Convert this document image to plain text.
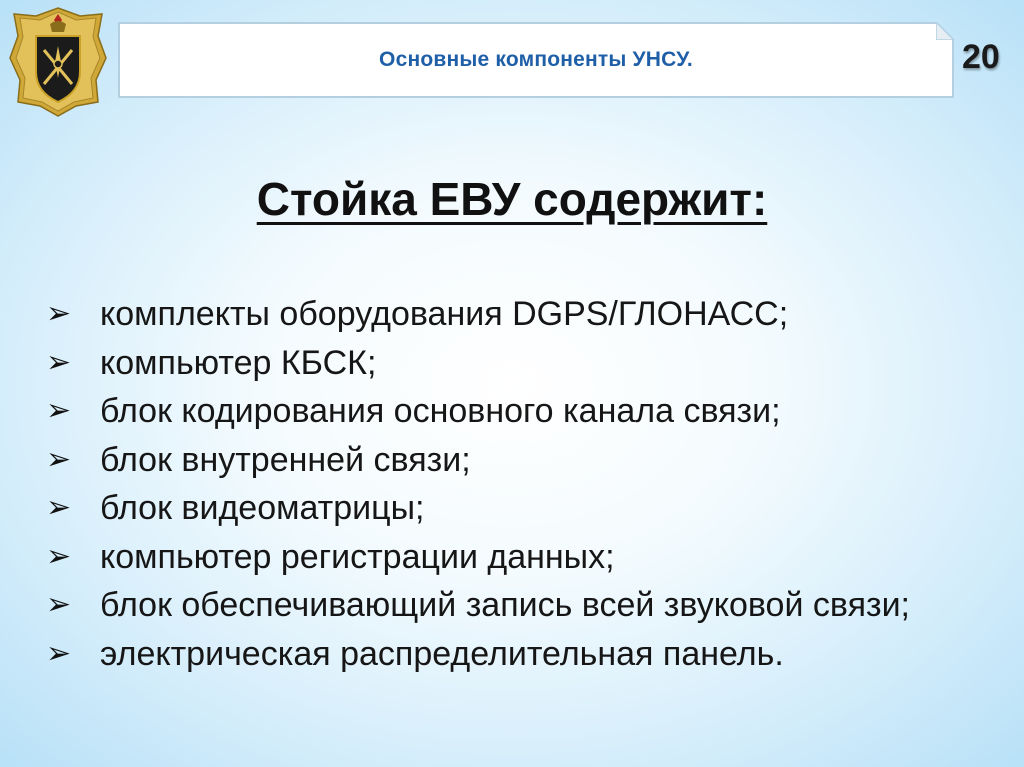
Основные компоненты УНСУ.	20
Стойка ЕВУ содержит:
➢ комплекты оборудования DGPS/ГЛОНАСС;
➢ компьютер КБСК;
➢ блок кодирования основного канала связи;
➢ блок внутренней связи;
➢ блок видеоматрицы;
➢ компьютер регистрации данных;
➢ блок обеспечивающий запись всей звуковой связи;
➢ электрическая распределительная панель.
